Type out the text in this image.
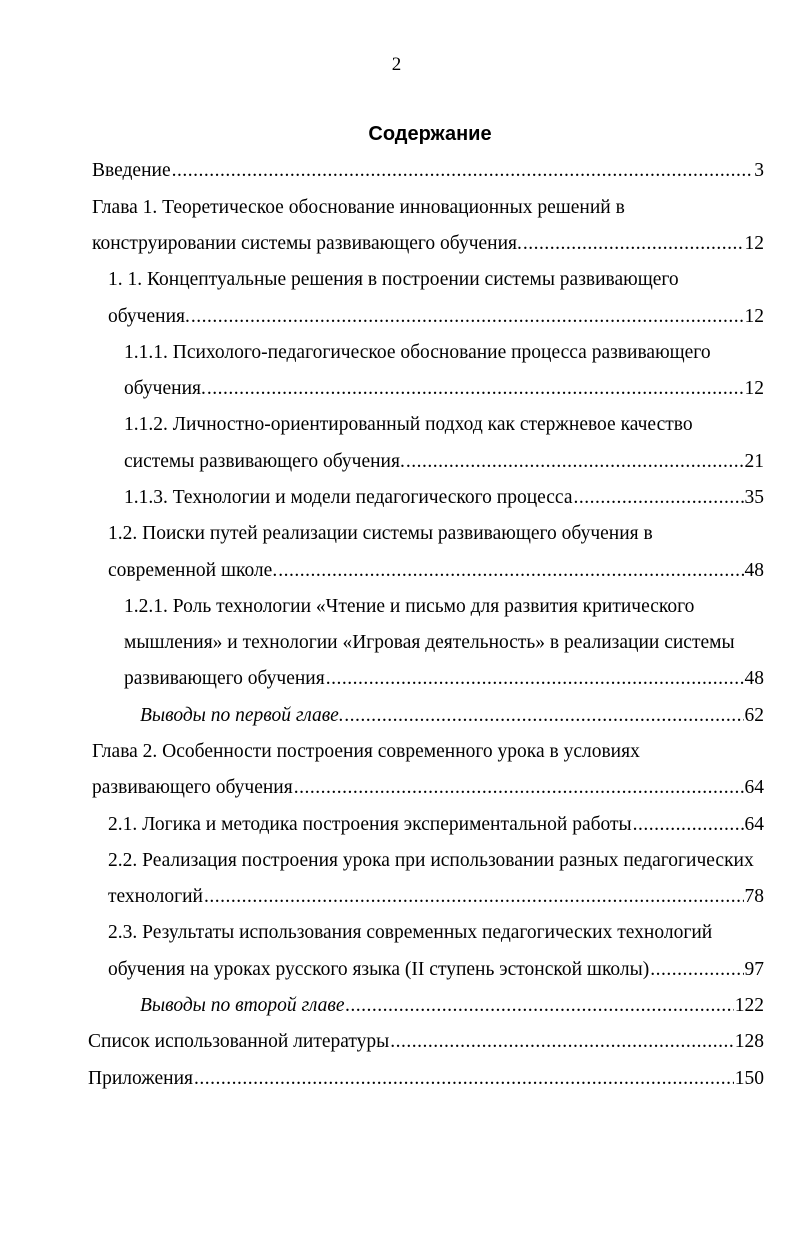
2
Содержание
Введение .....	3
Глава 1. Теоретическое обоснование инновационных решений в
конструировании системы развивающего обучения. .....	12
1. 1. Концептуальные решения в построении системы развивающего
обучения. .....	12
1.1.1. Психолого-педагогическое обоснование процесса развивающего
обучения. .....	12
1.1.2. Личностно-ориентированный подход как стержневое качество
системы развивающего обучения. .....	21
1.1.3. Технологии и модели педагогического процесса .....	35
1.2. Поиски путей реализации системы развивающего обучения в
современной школе. .....	48
1.2.1. Роль технологии «Чтение и письмо для развития критического
мышления» и технологии «Игровая деятельность» в реализации системы
развивающего обучения .....	48
Выводы по первой главе. .....	62
Глава 2. Особенности построения современного урока в условиях
развивающего обучения .....	64
2.1. Логика и методика построения экспериментальной работы .....	64
2.2. Реализация построения урока при использовании разных педагогических
технологий .....	78
2.3. Результаты использования современных педагогических технологий
обучения на уроках русского языка (II ступень эстонской школы) .....	97
Выводы по второй главе .....	122
Список использованной литературы .....	128
Приложения .....	150
